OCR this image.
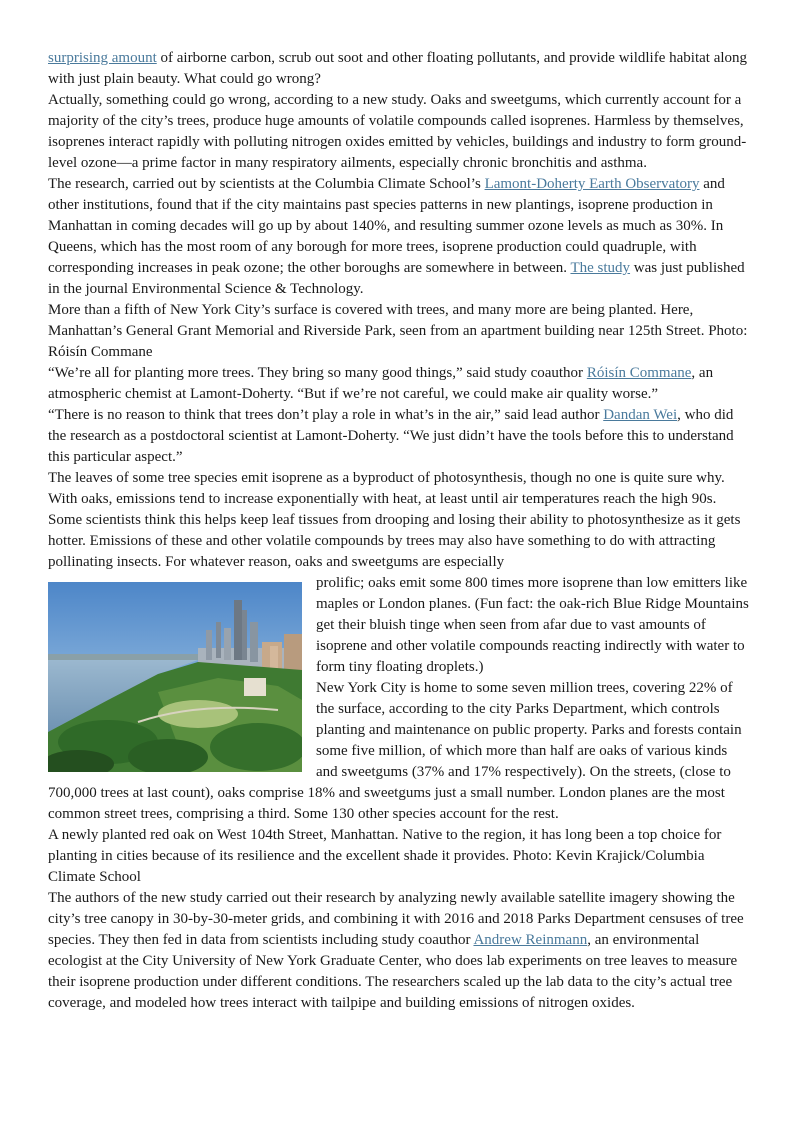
surprising amount of airborne carbon, scrub out soot and other floating pollutants, and provide wildlife habitat along with just plain beauty. What could go wrong?

Actually, something could go wrong, according to a new study. Oaks and sweetgums, which currently account for a majority of the city’s trees, produce huge amounts of volatile compounds called isoprenes. Harmless by themselves, isoprenes interact rapidly with polluting nitrogen oxides emitted by vehicles, buildings and industry to form ground-level ozone—a prime factor in many respiratory ailments, especially chronic bronchitis and asthma.

The research, carried out by scientists at the Columbia Climate School’s Lamont-Doherty Earth Observatory and other institutions, found that if the city maintains past species patterns in new plantings, isoprene production in Manhattan in coming decades will go up by about 140%, and resulting summer ozone levels as much as 30%. In Queens, which has the most room of any borough for more trees, isoprene production could quadruple, with corresponding increases in peak ozone; the other boroughs are somewhere in between. The study was just published in the journal Environmental Science & Technology.

More than a fifth of New York City’s surface is covered with trees, and many more are being planted. Here, Manhattan’s General Grant Memorial and Riverside Park, seen from an apartment building near 125th Street. Photo: Róisín Commane

“We’re all for planting more trees. They bring so many good things,” said study coauthor Róisín Commane, an atmospheric chemist at Lamont-Doherty. “But if we’re not careful, we could make air quality worse.”

“There is no reason to think that trees don’t play a role in what’s in the air,” said lead author Dandan Wei, who did the research as a postdoctoral scientist at Lamont-Doherty. “We just didn’t have the tools before this to understand this particular aspect.”

The leaves of some tree species emit isoprene as a byproduct of photosynthesis, though no one is quite sure why. With oaks, emissions tend to increase exponentially with heat, at least until air temperatures reach the high 90s. Some scientists think this helps keep leaf tissues from drooping and losing their ability to photosynthesize as it gets hotter. Emissions of these and other volatile compounds by trees may also have something to do with attracting pollinating insects. For whatever reason, oaks and sweetgums are especially

prolific; oaks emit some 800 times more isoprene than low emitters like maples or London planes. (Fun fact: the oak-rich Blue Ridge Mountains get their bluish tinge when seen from afar due to vast amounts of isoprene and other volatile compounds reacting indirectly with water to form tiny floating droplets.)

New York City is home to some seven million trees, covering 22% of the surface, according to the city Parks Department, which controls planting and maintenance on public property. Parks and forests contain some five million, of which more than half are oaks of various kinds and sweetgums (37% and 17% respectively). On the streets, (close to 700,000 trees at last count), oaks comprise 18% and sweetgums just a small number. London planes are the most common street trees, comprising a third. Some 130 other species account for the rest.

A newly planted red oak on West 104th Street, Manhattan. Native to the region, it has long been a top choice for planting in cities because of its resilience and the excellent shade it provides. Photo: Kevin Krajick/Columbia Climate School

The authors of the new study carried out their research by analyzing newly available satellite imagery showing the city’s tree canopy in 30-by-30-meter grids, and combining it with 2016 and 2018 Parks Department censuses of tree species. They then fed in data from scientists including study coauthor Andrew Reinmann, an environmental ecologist at the City University of New York Graduate Center, who does lab experiments on tree leaves to measure their isoprene production under different conditions. The researchers scaled up the lab data to the city’s actual tree coverage, and modeled how trees interact with tailpipe and building emissions of nitrogen oxides.
